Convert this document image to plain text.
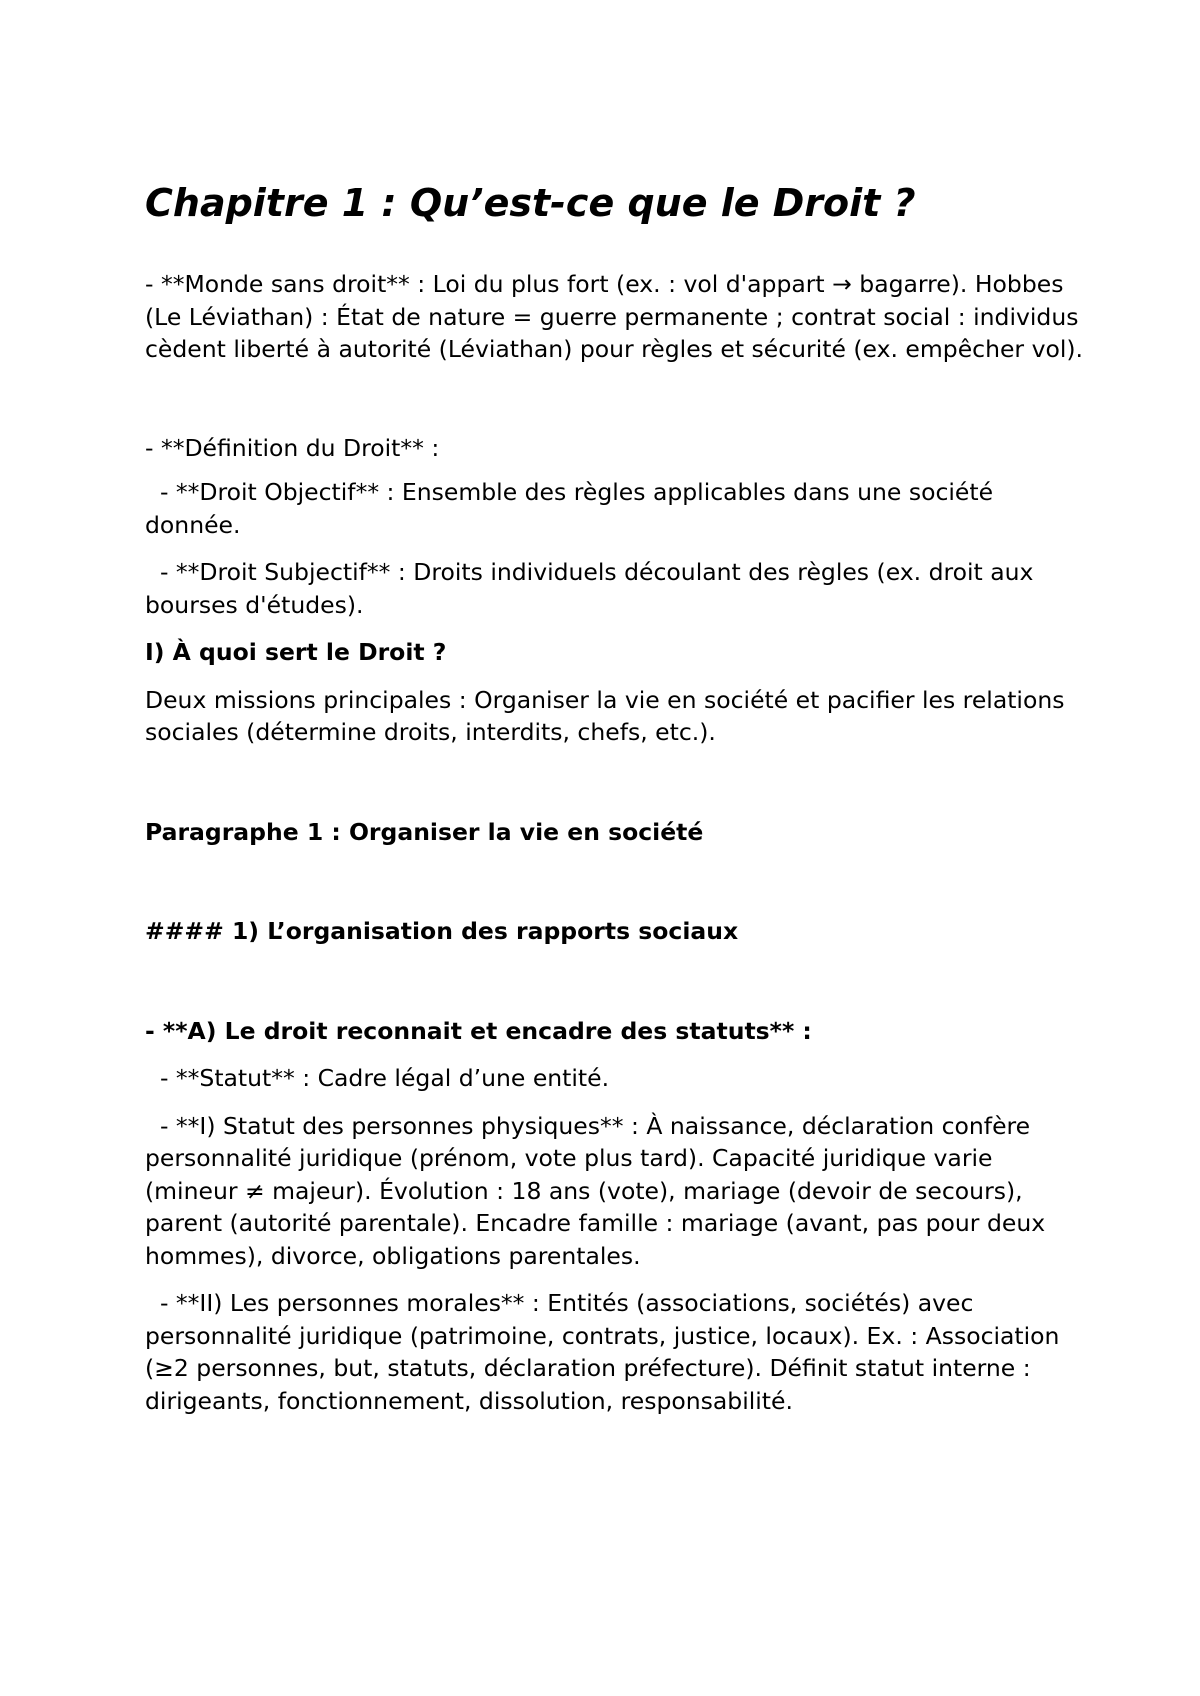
Chapitre 1 : Qu’est-ce que le Droit ?
- **Monde sans droit** : Loi du plus fort (ex. : vol d'appart → bagarre). Hobbes (Le Léviathan) : État de nature = guerre permanente ; contrat social : individus cèdent liberté à autorité (Léviathan) pour règles et sécurité (ex. empêcher vol).
- **Définition du Droit** :
- **Droit Objectif** : Ensemble des règles applicables dans une société donnée.
- **Droit Subjectif** : Droits individuels découlant des règles (ex. droit aux bourses d'études).
I) À quoi sert le Droit ?
Deux missions principales : Organiser la vie en société et pacifier les relations sociales (détermine droits, interdits, chefs, etc.).
Paragraphe 1 : Organiser la vie en société
#### 1) L’organisation des rapports sociaux
- **A) Le droit reconnait et encadre des statuts** :
- **Statut** : Cadre légal d’une entité.
- **I) Statut des personnes physiques** : À naissance, déclaration confère personnalité juridique (prénom, vote plus tard). Capacité juridique varie (mineur ≠ majeur). Évolution : 18 ans (vote), mariage (devoir de secours), parent (autorité parentale). Encadre famille : mariage (avant, pas pour deux hommes), divorce, obligations parentales.
- **II) Les personnes morales** : Entités (associations, sociétés) avec personnalité juridique (patrimoine, contrats, justice, locaux). Ex. : Association (≥2 personnes, but, statuts, déclaration préfecture). Définit statut interne : dirigeants, fonctionnement, dissolution, responsabilité.
